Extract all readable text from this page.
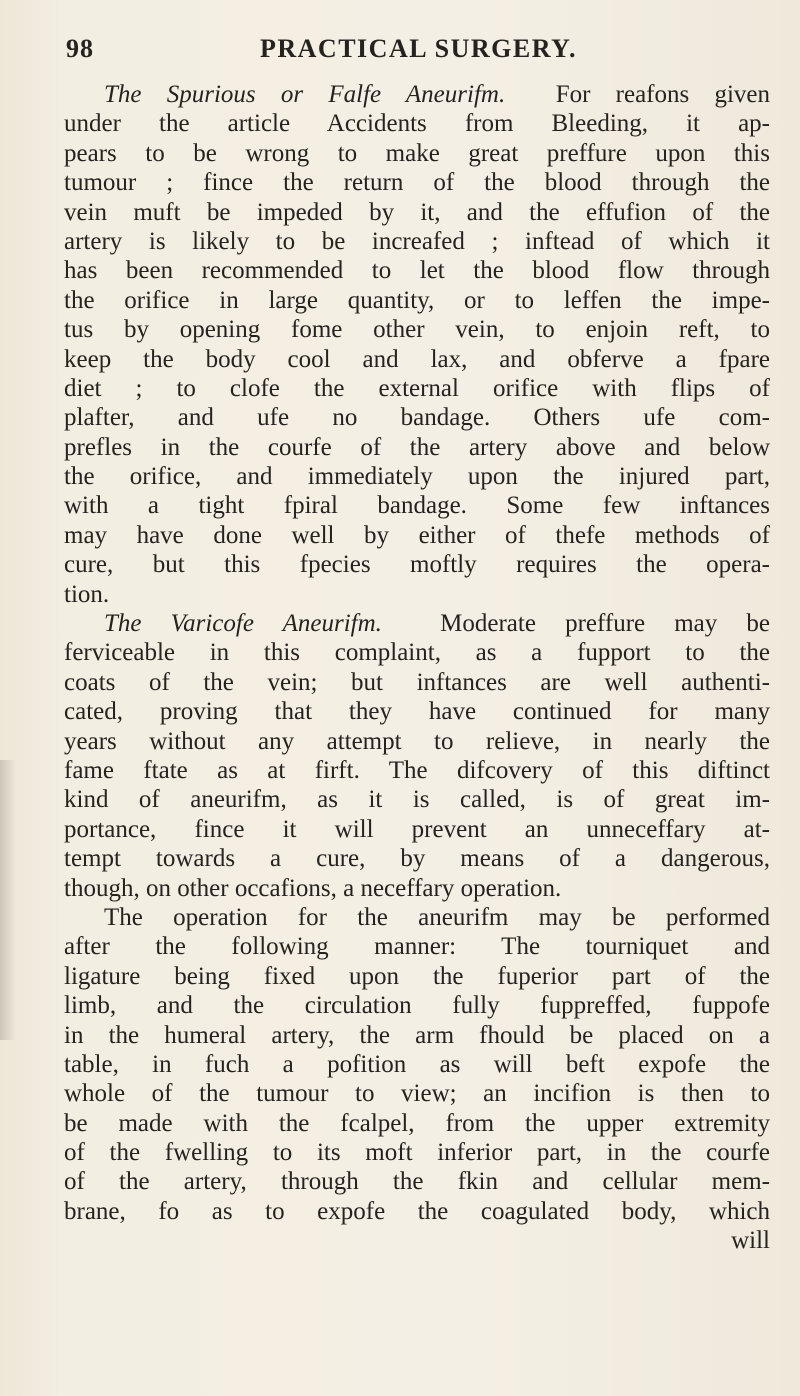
98	PRACTICAL SURGERY.
The Spurious or Falfe Aneurifm. For reafons given
under the article Accidents from Bleeding, it ap-
pears to be wrong to make great preffure upon this
tumour ; fince the return of the blood through the
vein muft be impeded by it, and the effufion of the
artery is likely to be increafed ; inftead of which it
has been recommended to let the blood flow through
the orifice in large quantity, or to leffen the impe-
tus by opening fome other vein, to enjoin reft, to
keep the body cool and lax, and obferve a fpare
diet ; to clofe the external orifice with flips of
plafter, and ufe no bandage. Others ufe com-
prefles in the courfe of the artery above and below
the orifice, and immediately upon the injured part,
with a tight fpiral bandage. Some few inftances
may have done well by either of thefe methods of
cure, but this fpecies moftly requires the opera-
tion.
The Varicofe Aneurifm. Moderate preffure may be
ferviceable in this complaint, as a fupport to the
coats of the vein; but inftances are well authenti-
cated, proving that they have continued for many
years without any attempt to relieve, in nearly the
fame ftate as at firft. The difcovery of this diftinct
kind of aneurifm, as it is called, is of great im-
portance, fince it will prevent an unneceffary at-
tempt towards a cure, by means of a dangerous,
though, on other occafions, a neceffary operation.
The operation for the aneurifm may be performed
after the following manner: The tourniquet and
ligature being fixed upon the fuperior part of the
limb, and the circulation fully fuppreffed, fuppofe
in the humeral artery, the arm fhould be placed on a
table, in fuch a pofition as will beft expofe the
whole of the tumour to view; an incifion is then to
be made with the fcalpel, from the upper extremity
of the fwelling to its moft inferior part, in the courfe
of the artery, through the fkin and cellular mem-
brane, fo as to expofe the coagulated body, which
will
